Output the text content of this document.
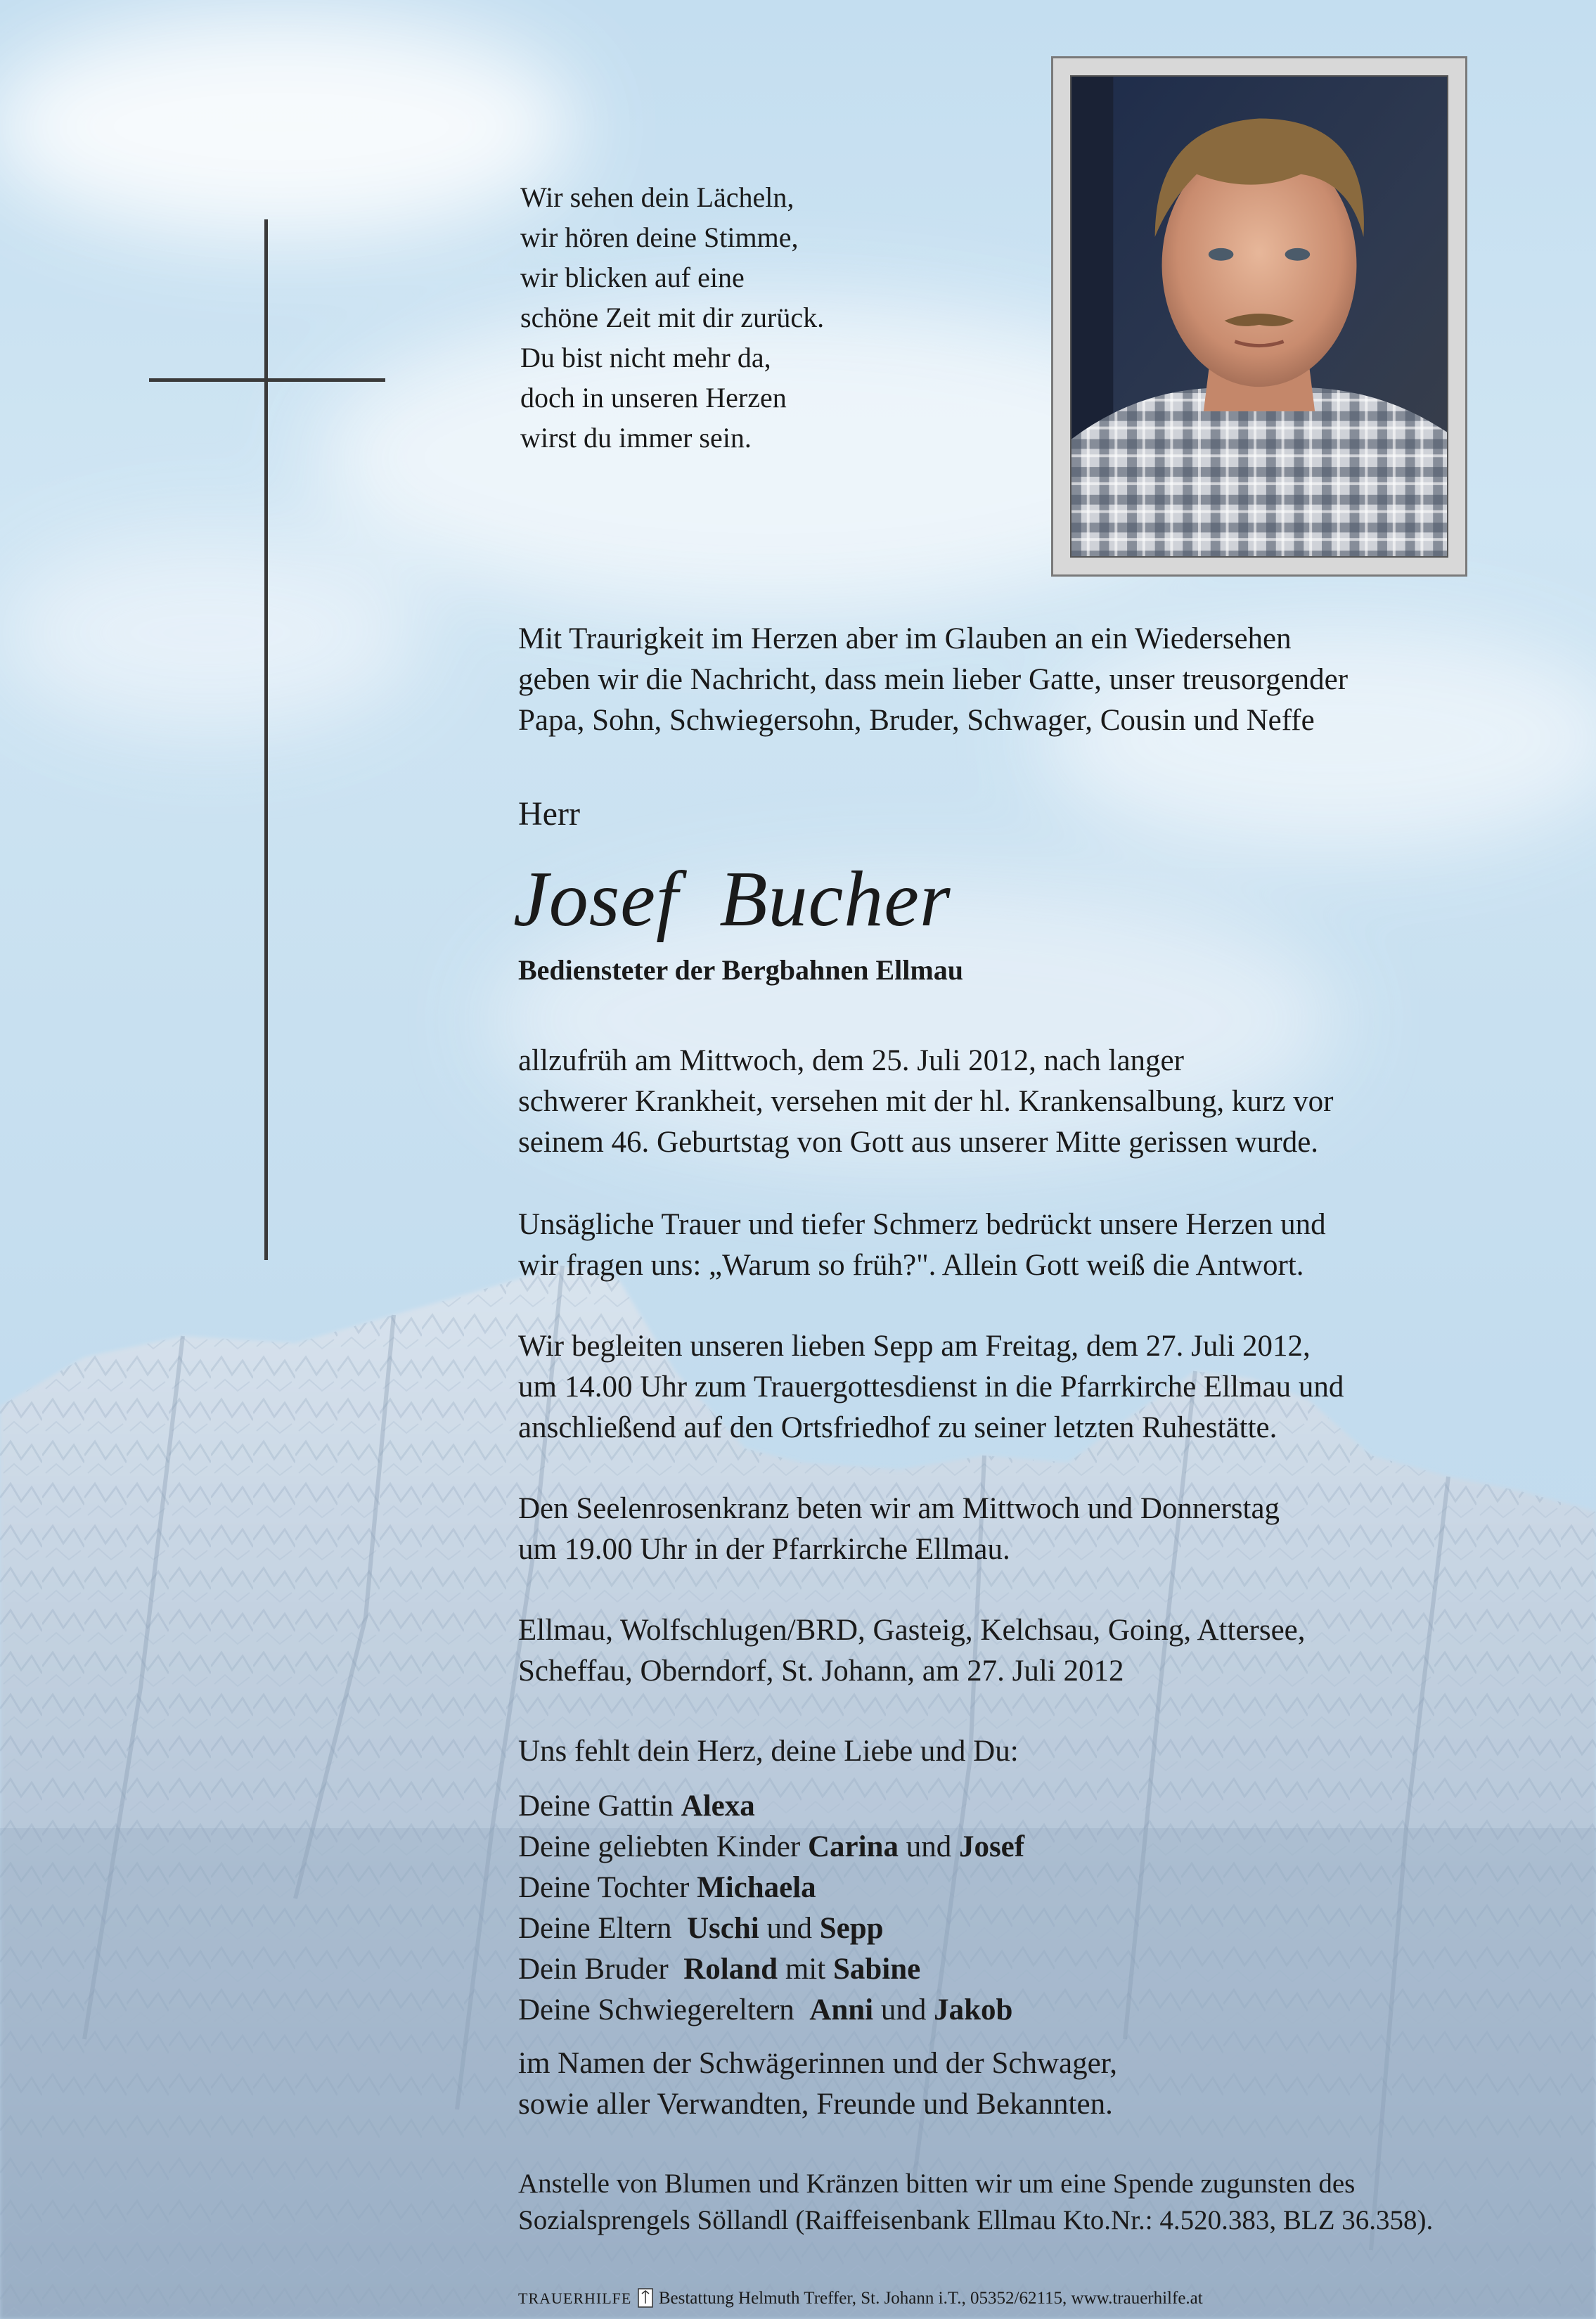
Wir sehen dein Lächeln,
wir hören deine Stimme,
wir blicken auf eine
schöne Zeit mit dir zurück.
Du bist nicht mehr da,
doch in unseren Herzen
wirst du immer sein.
Mit Traurigkeit im Herzen aber im Glauben an ein Wiedersehen
geben wir die Nachricht, dass mein lieber Gatte, unser treusorgender
Papa, Sohn, Schwiegersohn, Bruder, Schwager, Cousin und Neffe
Herr
Josef  Bucher
Bediensteter der Bergbahnen Ellmau
allzufrüh am Mittwoch, dem 25. Juli 2012, nach langer
schwerer Krankheit, versehen mit der hl. Krankensalbung, kurz vor
seinem 46. Geburtstag von Gott aus unserer Mitte gerissen wurde.
Unsägliche Trauer und tiefer Schmerz bedrückt unsere Herzen und
wir fragen uns: „Warum so früh?". Allein Gott weiß die Antwort.
Wir begleiten unseren lieben Sepp am Freitag, dem 27. Juli 2012,
um 14.00 Uhr zum Trauergottesdienst in die Pfarrkirche Ellmau und
anschließend auf den Ortsfriedhof zu seiner letzten Ruhestätte.
Den Seelenrosenkranz beten wir am Mittwoch und Donnerstag
um 19.00 Uhr in der Pfarrkirche Ellmau.
Ellmau, Wolfschlugen/BRD, Gasteig, Kelchsau, Going, Attersee,
Scheffau, Oberndorf, St. Johann, am 27. Juli 2012
Uns fehlt dein Herz, deine Liebe und Du:
Deine Gattin Alexa
Deine geliebten Kinder Carina und Josef
Deine Tochter Michaela
Deine Eltern  Uschi und Sepp
Dein Bruder  Roland mit Sabine
Deine Schwiegereltern  Anni und Jakob
im Namen der Schwägerinnen und der Schwager,
sowie aller Verwandten, Freunde und Bekannten.
Anstelle von Blumen und Kränzen bitten wir um eine Spende zugunsten des
Sozialsprengels Söllandl (Raiffeisenbank Ellmau Kto.Nr.: 4.520.383, BLZ 36.358).
TRAUERHILFE Bestattung Helmuth Treffer, St. Johann i.T., 05352/62115, www.trauerhilfe.at
